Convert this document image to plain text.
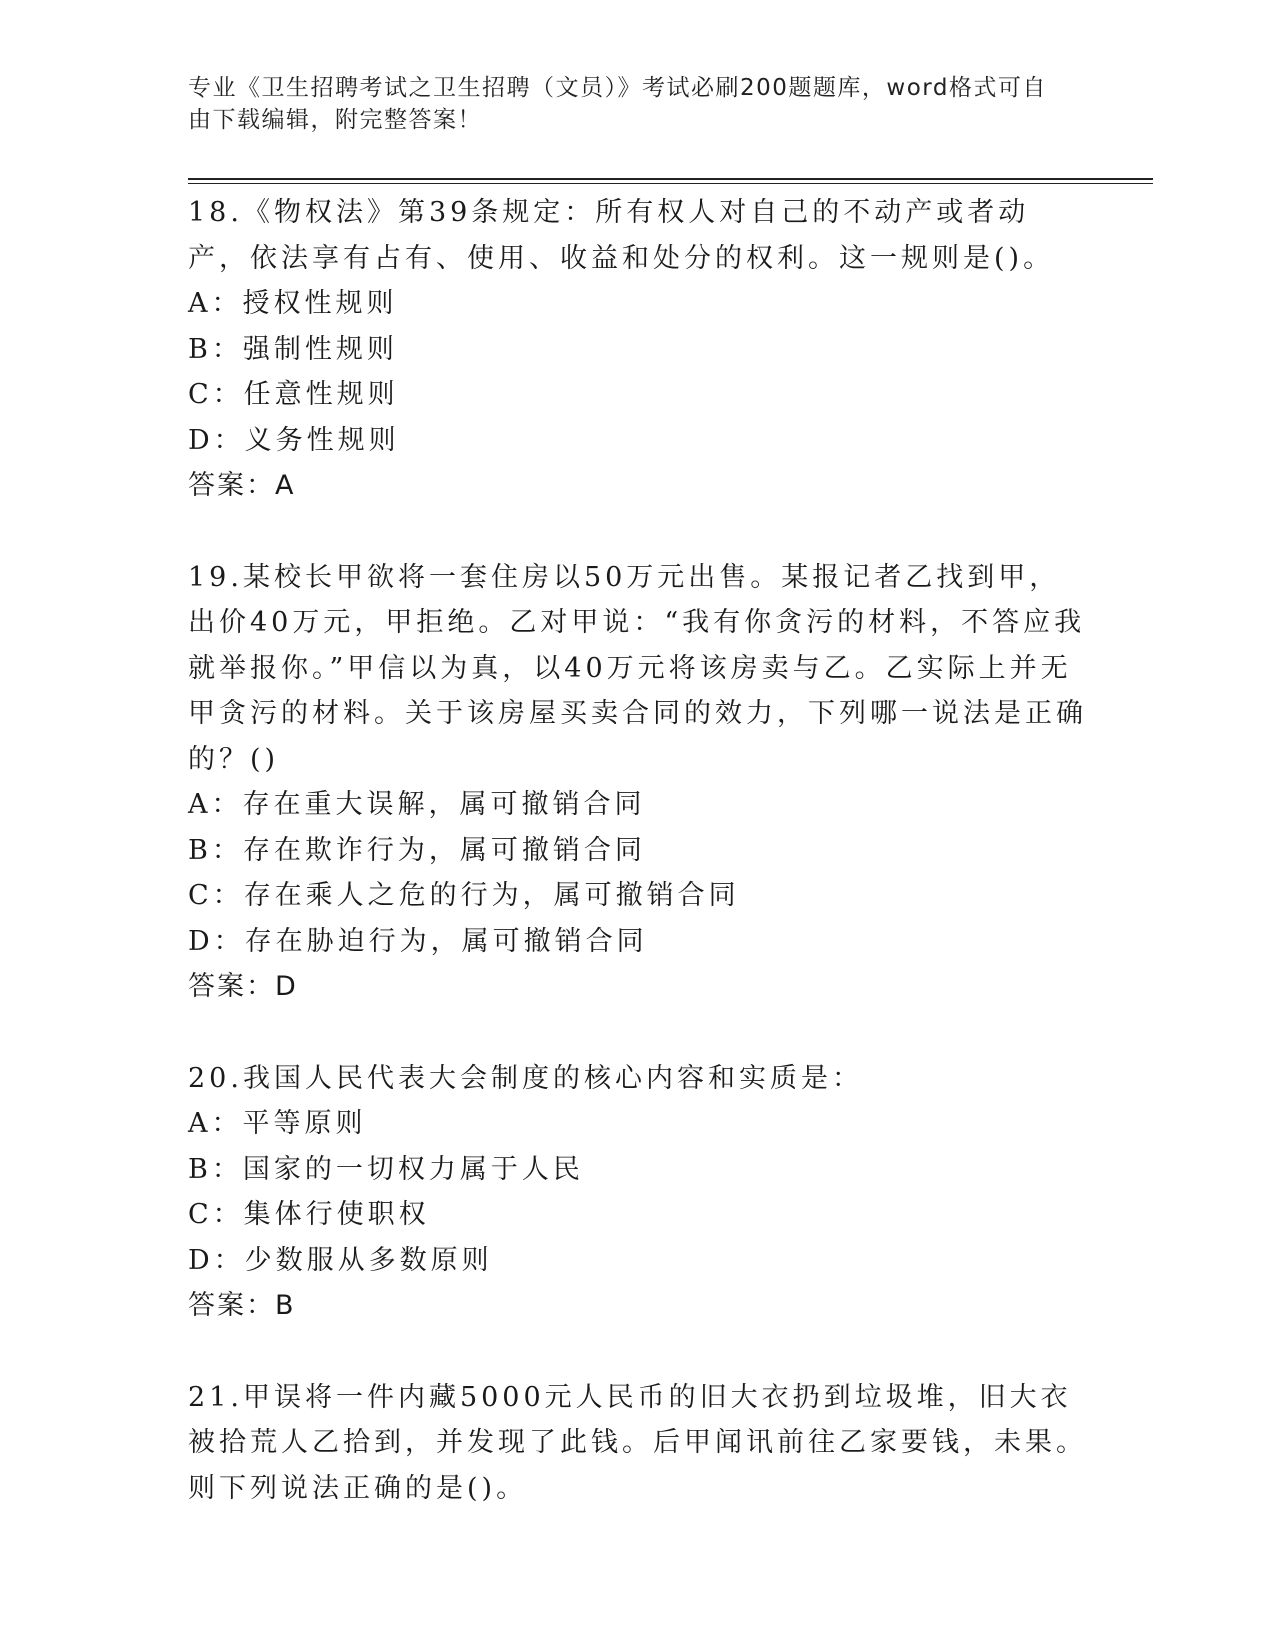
专业《卫生招聘考试之卫生招聘（文员）》考试必刷200题题库，word格式可自由下载编辑，附完整答案！

18.《物权法》第39条规定：所有权人对自己的不动产或者动产，依法享有占有、使用、收益和处分的权利。这一规则是()。

A：授权性规则
B：强制性规则
C：任意性规则
D：义务性规则
答案：A

19.某校长甲欲将一套住房以50万元出售。某报记者乙找到甲，出价40万元，甲拒绝。乙对甲说：“我有你贪污的材料，不答应我就举报你。”甲信以为真，以40万元将该房卖与乙。乙实际上并无甲贪污的材料。关于该房屋买卖合同的效力，下列哪一说法是正确的？()

A：存在重大误解，属可撤销合同
B：存在欺诈行为，属可撤销合同
C：存在乘人之危的行为，属可撤销合同
D：存在胁迫行为，属可撤销合同
答案：D

20.我国人民代表大会制度的核心内容和实质是：

A：平等原则
B：国家的一切权力属于人民
C：集体行使职权
D：少数服从多数原则
答案：B

21.甲误将一件内藏5000元人民币的旧大衣扔到垃圾堆，旧大衣被拾荒人乙拾到，并发现了此钱。后甲闻讯前往乙家要钱，未果。则下列说法正确的是()。
